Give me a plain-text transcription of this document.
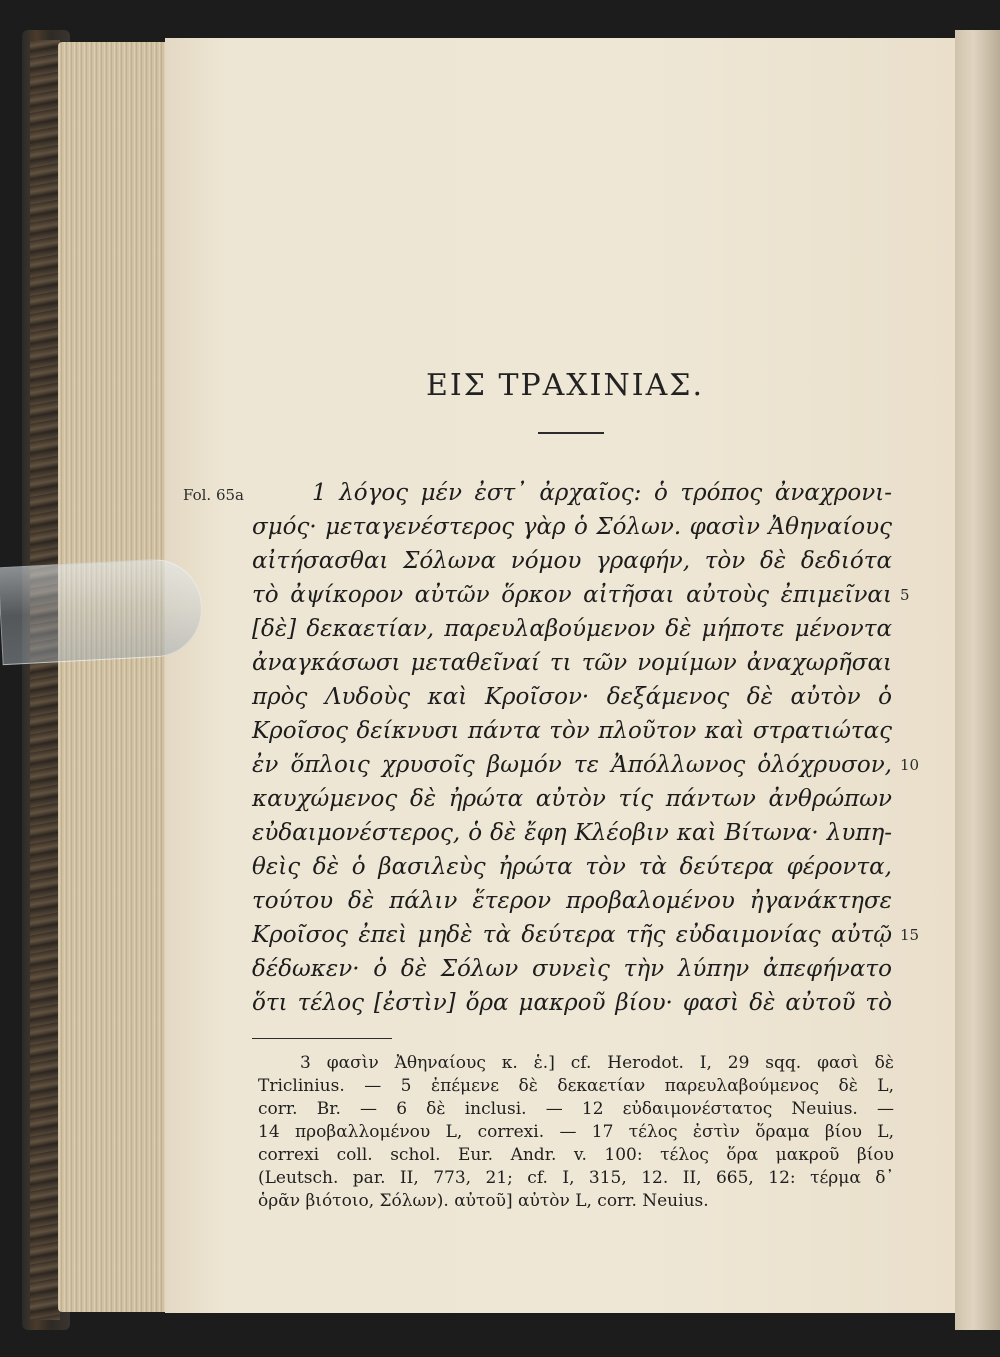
ΕΙΣ ΤΡΑΧΙΝΙΑΣ.
Fol. 65a	1 λόγος μέν ἐστ᾽ ἀρχαῖος: ὁ τρόπος ἀναχρονι-
σμός· μεταγενέστερος γὰρ ὁ Σόλων. φασὶν Ἀθηναίους
αἰτήσασθαι Σόλωνα νόμου γραφήν, τὸν δὲ δεδιότα
τὸ ἀψίκορον αὐτῶν ὅρκον αἰτῆσαι αὐτοὺς ἐπιμεῖναι
[δὲ] δεκαετίαν, παρευλαβούμενον δὲ μήποτε μένοντα
ἀναγκάσωσι μεταθεῖναί τι τῶν νομίμων ἀναχωρῆσαι
πρὸς Λυδοὺς καὶ Κροῖσον· δεξάμενος δὲ αὐτὸν ὁ
Κροῖσος δείκνυσι πάντα τὸν πλοῦτον καὶ στρατιώτας
ἐν ὅπλοις χρυσοῖς βωμόν τε Ἀπόλλωνος ὁλόχρυσον,
καυχώμενος δὲ ἠρώτα αὐτὸν τίς πάντων ἀνθρώπων
εὐδαιμονέστερος, ὁ δὲ ἔφη Κλέοβιν καὶ Βίτωνα· λυπη-
θεὶς δὲ ὁ βασιλεὺς ἠρώτα τὸν τὰ δεύτερα φέροντα,
τούτου δὲ πάλιν ἕτερον προβαλομένου ἠγανάκτησε
Κροῖσος ἐπεὶ μηδὲ τὰ δεύτερα τῆς εὐδαιμονίας αὐτῷ
δέδωκεν· ὁ δὲ Σόλων συνεὶς τὴν λύπην ἀπεφήνατο
ὅτι τέλος [ἐστὶν] ὅρα μακροῦ βίου· φασὶ δὲ αὐτοῦ τὸ
5
10
15
3 φασὶν Ἀθηναίους κ. ἑ.] cf. Herodot. I, 29 sqq. φασὶ δὲ
Triclinius. — 5 ἐπέμενε δὲ δεκαετίαν παρευλαβούμενος δὲ L,
corr. Br. — 6 δὲ inclusi. — 12 εὐδαιμονέστατος Neuius. —
14 προβαλλομένου L, correxi. — 17 τέλος ἐστὶν ὅραμα βίου L,
correxi coll. schol. Eur. Andr. v. 100: τέλος ὅρα μακροῦ βίου
(Leutsch. par. II, 773, 21; cf. I, 315, 12. II, 665, 12: τέρμα δ᾽
ὁρᾶν βιότοιο, Σόλων). αὐτοῦ] αὐτὸν L, corr. Neuius.
